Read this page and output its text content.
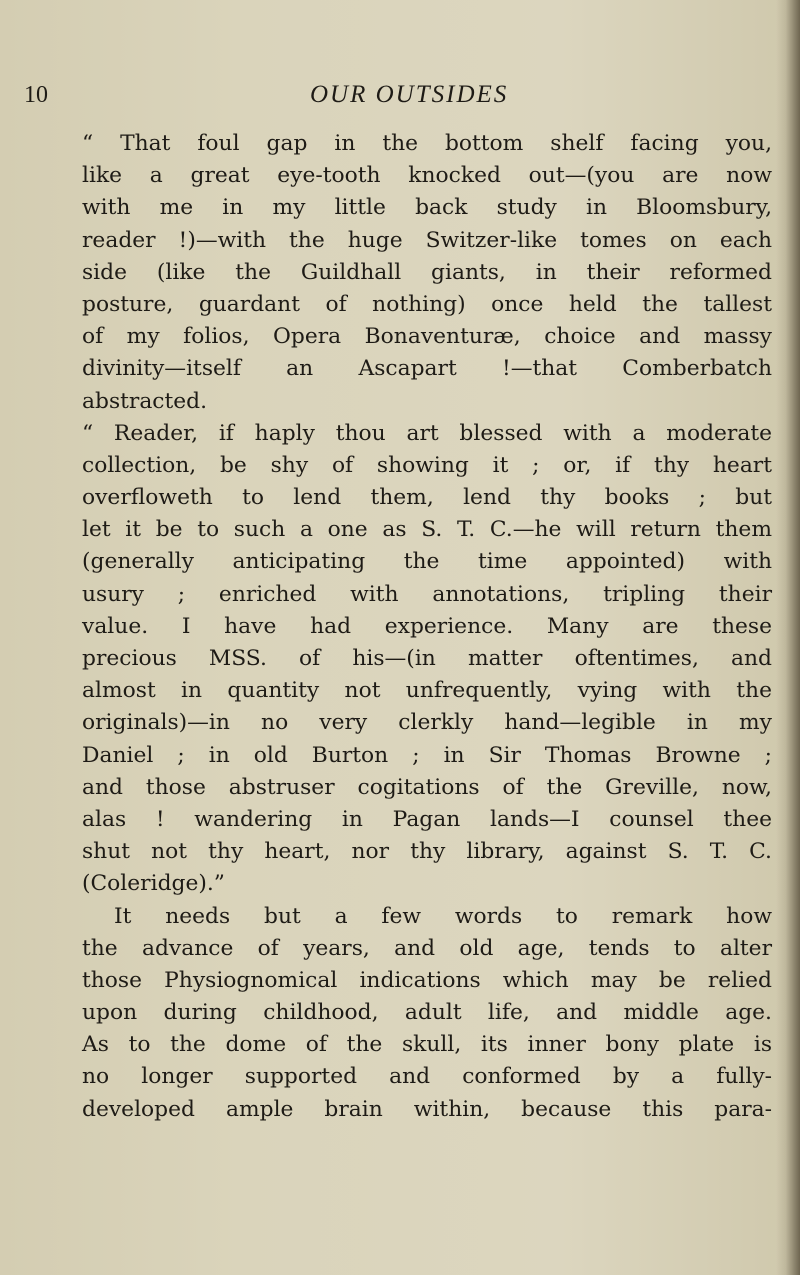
10	OUR OUTSIDES
“ That foul gap in the bottom shelf facing you,
like a great eye-tooth knocked out—(you are now
with me in my little back study in Bloomsbury,
reader !)—with the huge Switzer-like tomes on each
side (like the Guildhall giants, in their reformed
posture, guardant of nothing) once held the tallest
of my folios, Opera Bonaventuræ, choice and massy
divinity—itself an Ascapart !—that Comberbatch
abstracted.
“ Reader, if haply thou art blessed with a moderate
collection, be shy of showing it ; or, if thy heart
overfloweth to lend them, lend thy books ; but
let it be to such a one as S. T. C.—he will return them
(generally anticipating the time appointed) with
usury ; enriched with annotations, tripling their
value. I have had experience. Many are these
precious MSS. of his—(in matter oftentimes, and
almost in quantity not unfrequently, vying with the
originals)—in no very clerkly hand—legible in my
Daniel ; in old Burton ; in Sir Thomas Browne ;
and those abstruser cogitations of the Greville, now,
alas ! wandering in Pagan lands—I counsel thee
shut not thy heart, nor thy library, against S. T. C.
(Coleridge).”
It needs but a few words to remark how
the advance of years, and old age, tends to alter
those Physiognomical indications which may be relied
upon during childhood, adult life, and middle age.
As to the dome of the skull, its inner bony plate is
no longer supported and conformed by a fully-
developed ample brain within, because this para-
